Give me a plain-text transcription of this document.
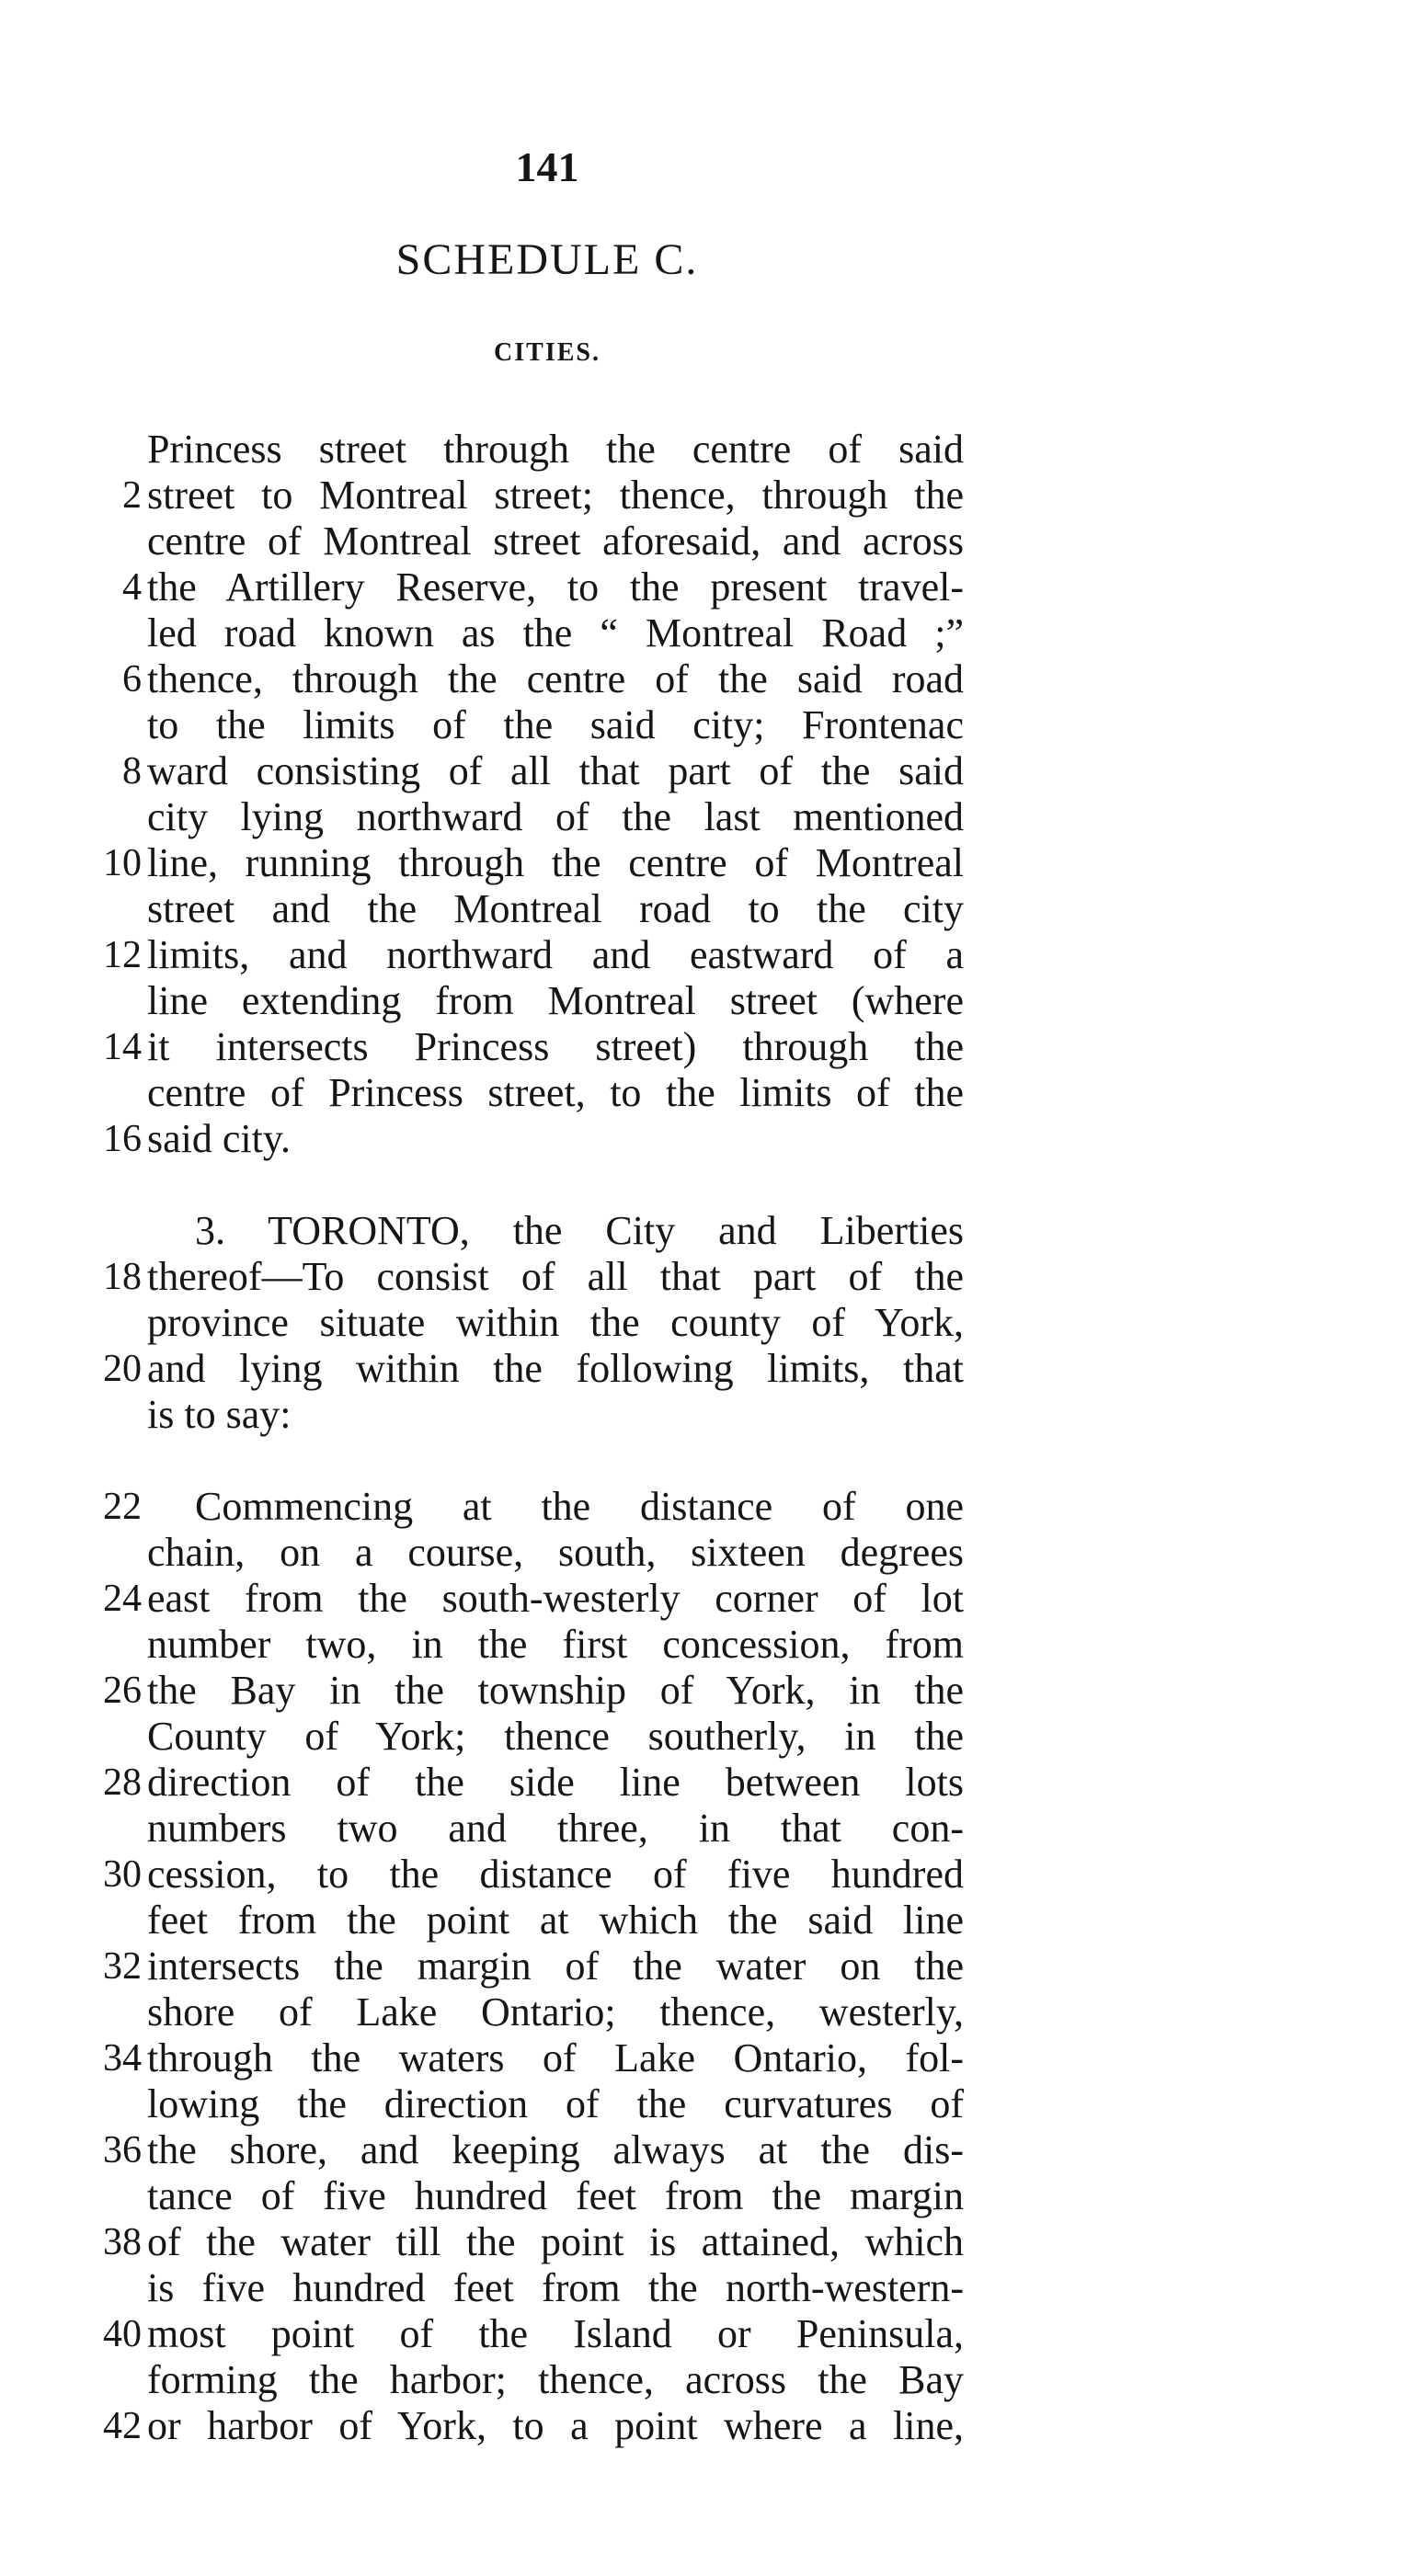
141
SCHEDULE C.
CITIES.
Princess street through the centre of said
street to Montreal street; thence, through the
2
centre of Montreal street aforesaid, and across
the Artillery Reserve, to the present travel-
4
led road known as the “ Montreal Road ;”
thence, through the centre of the said road
6
to the limits of the said city; Frontenac
ward consisting of all that part of the said
8
city lying northward of the last mentioned
line, running through the centre of Montreal
10
street and the Montreal road to the city
limits, and northward and eastward of a
12
line extending from Montreal street (where
it intersects Princess street) through the
14
centre of Princess street, to the limits of the
said city.
16
3. TORONTO, the City and Liberties
thereof—To consist of all that part of the
18
province situate within the county of York,
and lying within the following limits, that
20
is to say:
Commencing at the distance of one
22
chain, on a course, south, sixteen degrees
east from the south-westerly corner of lot
24
number two, in the first concession, from
the Bay in the township of York, in the
26
County of York; thence southerly, in the
direction of the side line between lots
28
numbers two and three, in that con-
cession, to the distance of five hundred
30
feet from the point at which the said line
intersects the margin of the water on the
32
shore of Lake Ontario; thence, westerly,
through the waters of Lake Ontario, fol-
34
lowing the direction of the curvatures of
the shore, and keeping always at the dis-
36
tance of five hundred feet from the margin
of the water till the point is attained, which
38
is five hundred feet from the north-western-
most point of the Island or Peninsula,
40
forming the harbor; thence, across the Bay
or harbor of York, to a point where a line,
42
